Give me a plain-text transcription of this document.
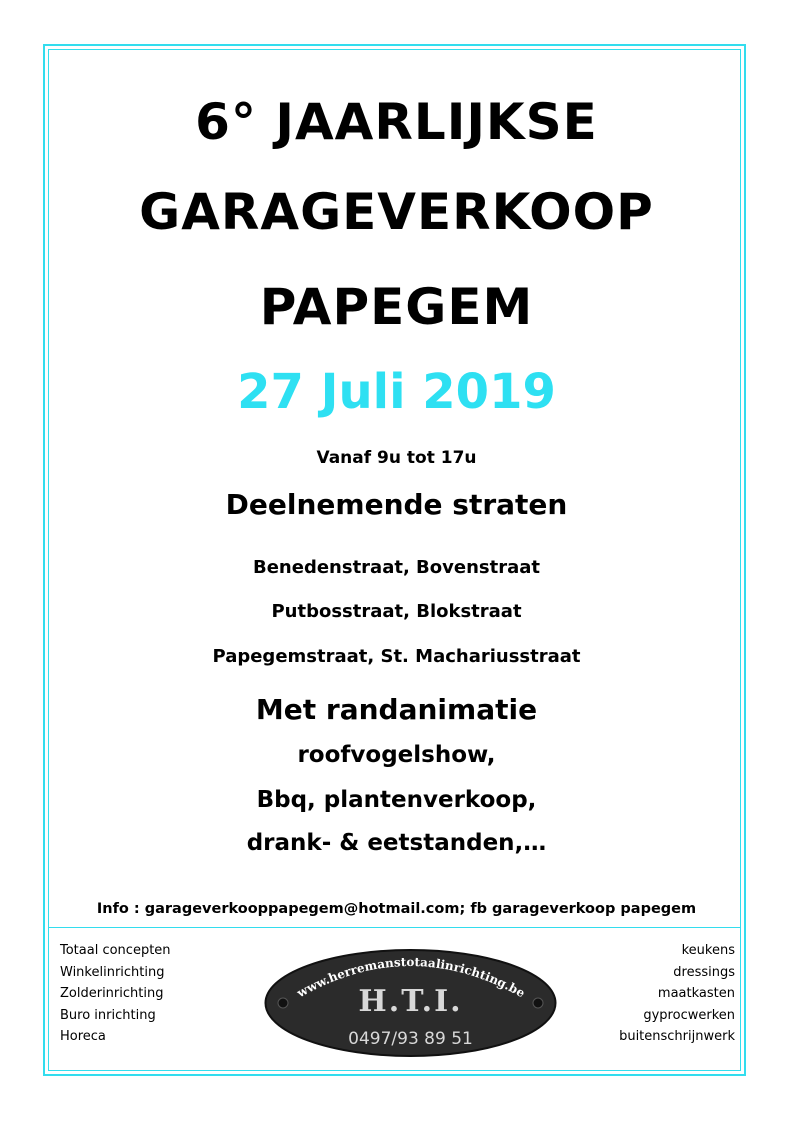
6° JAARLIJKSE
GARAGEVERKOOP
PAPEGEM
27 Juli 2019
Vanaf 9u tot 17u
Deelnemende straten
Benedenstraat, Bovenstraat
Putbosstraat, Blokstraat
Papegemstraat, St. Machariusstraat
Met randanimatie
roofvogelshow,
Bbq, plantenverkoop,
drank- & eetstanden,…
Info : garageverkooppapegem@hotmail.com; fb garageverkoop papegem
Totaal concepten
Winkelinrichting
Zolderinrichting
Buro inrichting
Horeca
keukens
dressings
maatkasten
gyprocwerken
buitenschrijnwerk
www.herremanstotaalinrichting.be
H.T.I.
0497/93 89 51
